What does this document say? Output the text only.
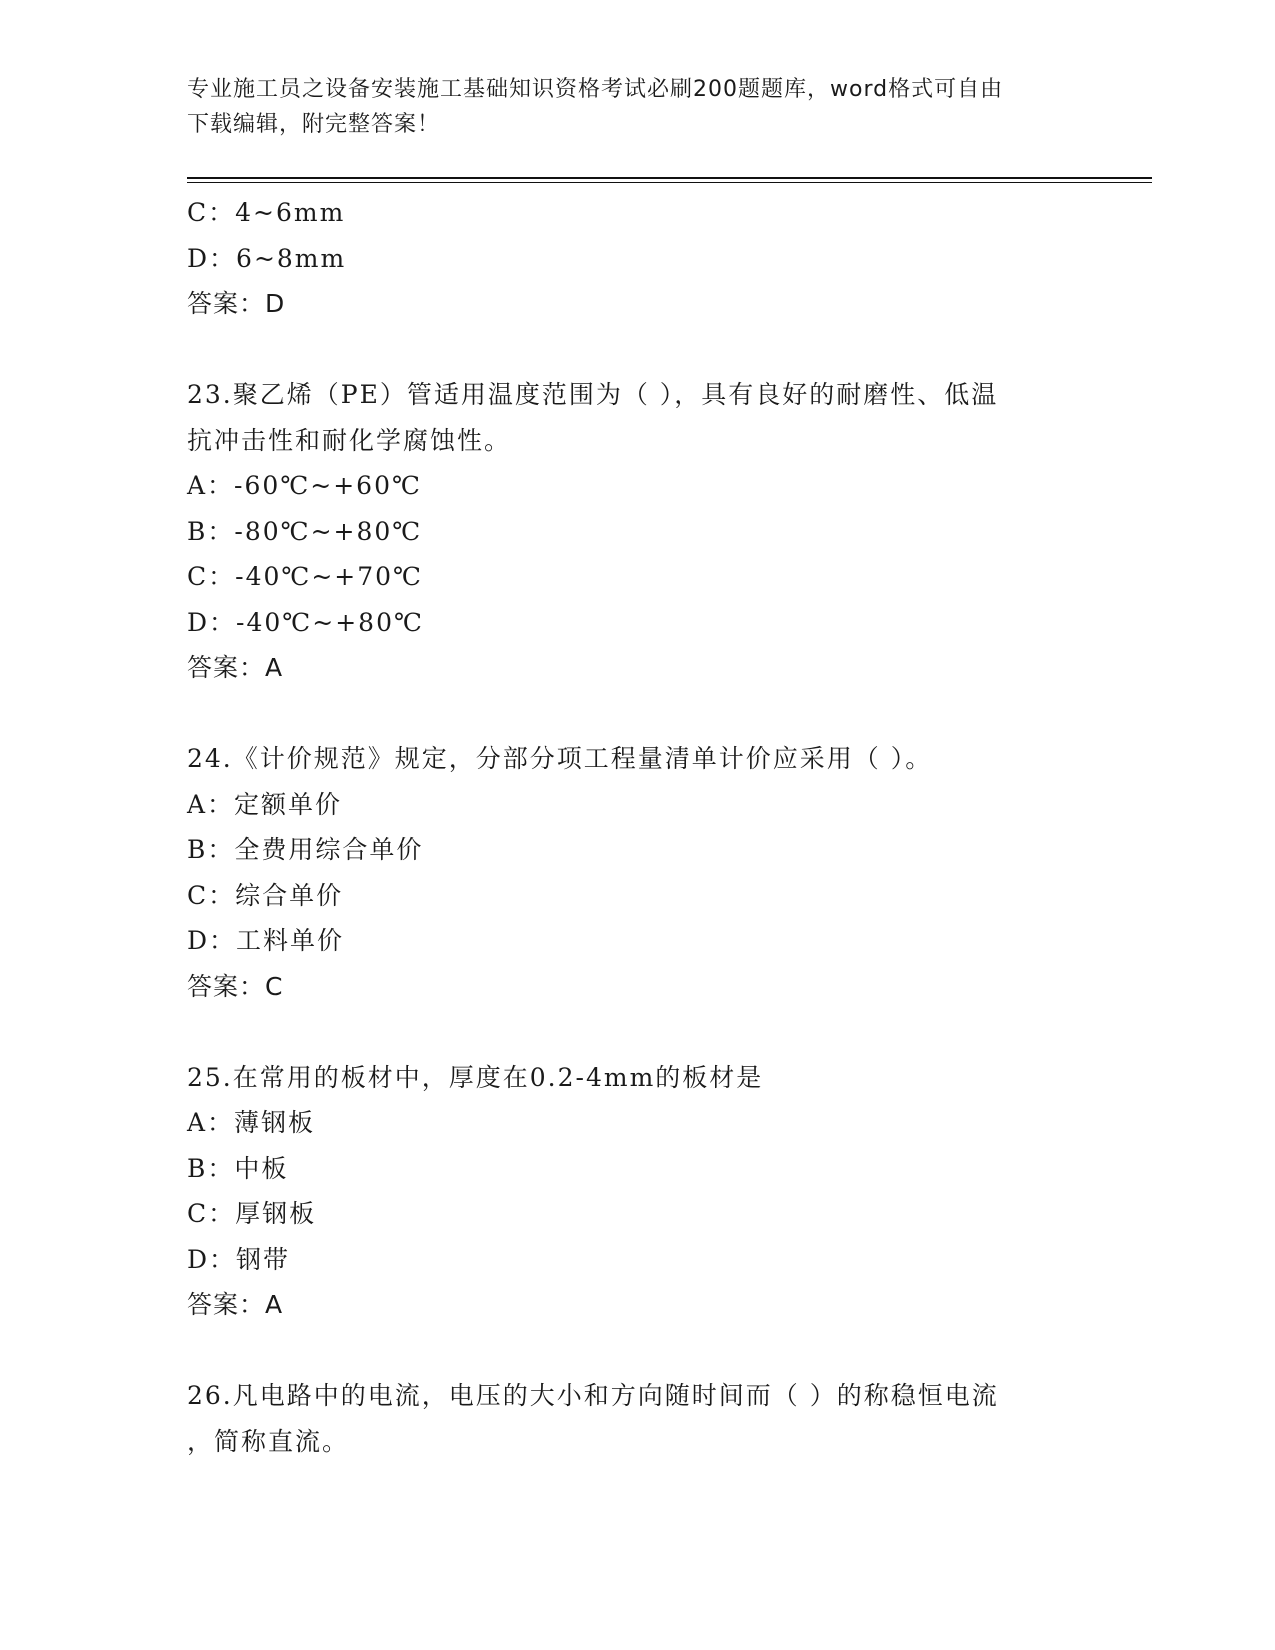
专业施工员之设备安装施工基础知识资格考试必刷200题题库，word格式可自由
下载编辑，附完整答案！
C：4~6mm
D：6~8mm
答案：D
23.聚乙烯（PE）管适用温度范围为（ ），具有良好的耐磨性、低温
抗冲击性和耐化学腐蚀性。
A：-60℃~+60℃
B：-80℃~+80℃
C：-40℃~+70℃
D：-40℃~+80℃
答案：A
24.《计价规范》规定，分部分项工程量清单计价应采用（ ）。
A：定额单价
B：全费用综合单价
C：综合单价
D：工料单价
答案：C
25.在常用的板材中，厚度在0.2-4mm的板材是
A：薄钢板
B：中板
C：厚钢板
D：钢带
答案：A
26.凡电路中的电流，电压的大小和方向随时间而（ ）的称稳恒电流
，简称直流。
